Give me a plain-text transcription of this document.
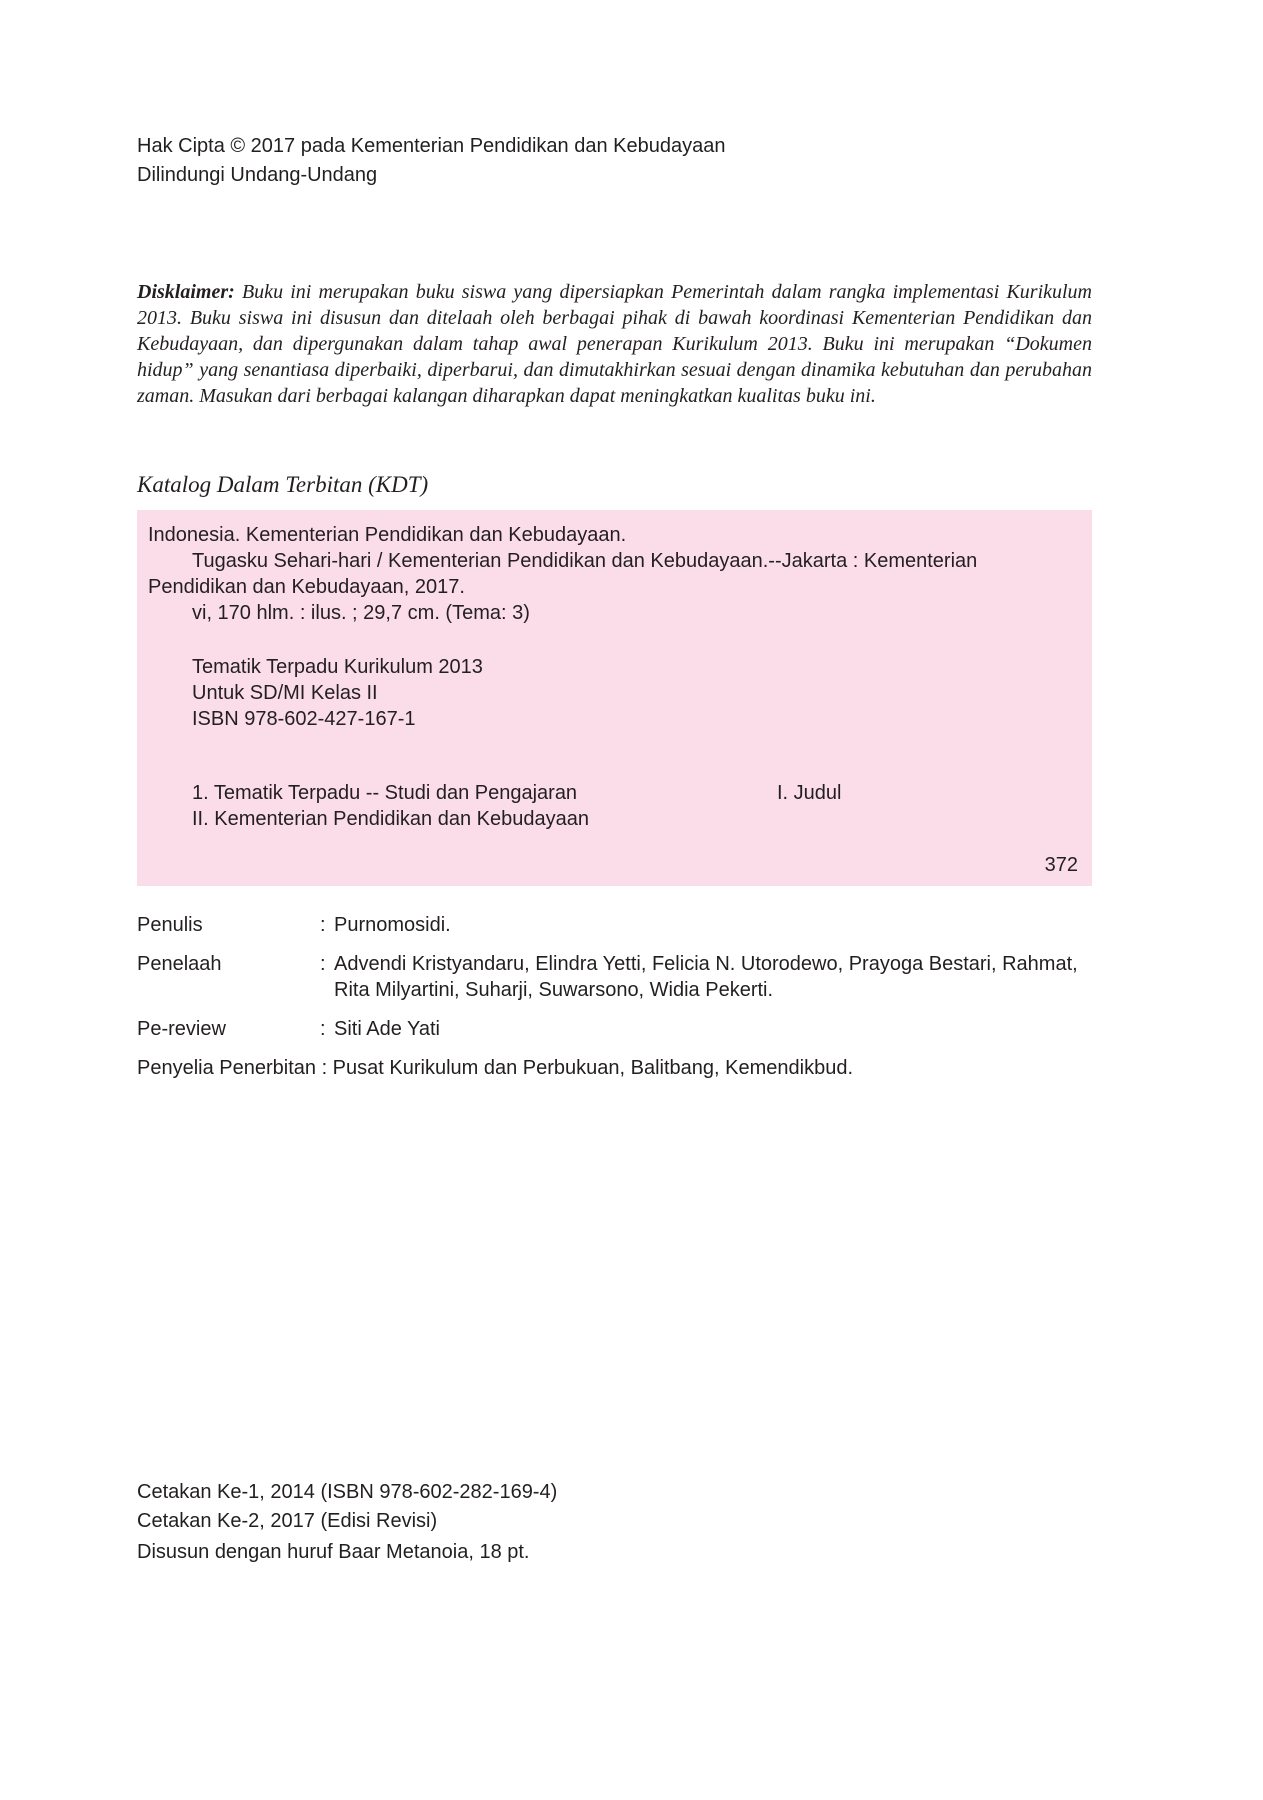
Hak Cipta © 2017 pada Kementerian Pendidikan dan Kebudayaan
Dilindungi Undang-Undang
Disklaimer: Buku ini merupakan buku siswa yang dipersiapkan Pemerintah dalam rangka implementasi Kurikulum 2013. Buku siswa ini disusun dan ditelaah oleh berbagai pihak di bawah koordinasi Kementerian Pendidikan dan Kebudayaan, dan dipergunakan dalam tahap awal penerapan Kurikulum 2013. Buku ini merupakan “Dokumen hidup” yang senantiasa diperbaiki, diperbarui, dan dimutakhirkan sesuai dengan dinamika kebutuhan dan perubahan zaman. Masukan dari berbagai kalangan diharapkan dapat meningkatkan kualitas buku ini.
Katalog Dalam Terbitan (KDT)
Indonesia. Kementerian Pendidikan dan Kebudayaan.
Tugasku Sehari-hari / Kementerian Pendidikan dan Kebudayaan.--Jakarta : Kementerian
Pendidikan dan Kebudayaan, 2017.
vi, 170 hlm. : ilus. ; 29,7 cm. (Tema: 3)
Tematik Terpadu Kurikulum 2013
Untuk SD/MI Kelas II
ISBN 978-602-427-167-1
1. Tematik Terpadu -- Studi dan Pengajaran	I. Judul
II. Kementerian Pendidikan dan Kebudayaan
372
Penulis	: Purnomosidi.
Penelaah	: Advendi Kristyandaru, Elindra Yetti, Felicia N. Utorodewo, Prayoga Bestari, Rahmat,
Rita Milyartini, Suharji, Suwarsono, Widia Pekerti.
Pe-review	: Siti Ade Yati
Penyelia Penerbitan : Pusat Kurikulum dan Perbukuan, Balitbang, Kemendikbud.
Cetakan Ke-1, 2014 (ISBN 978-602-282-169-4)
Cetakan Ke-2, 2017 (Edisi Revisi)
Disusun dengan huruf Baar Metanoia, 18 pt.
